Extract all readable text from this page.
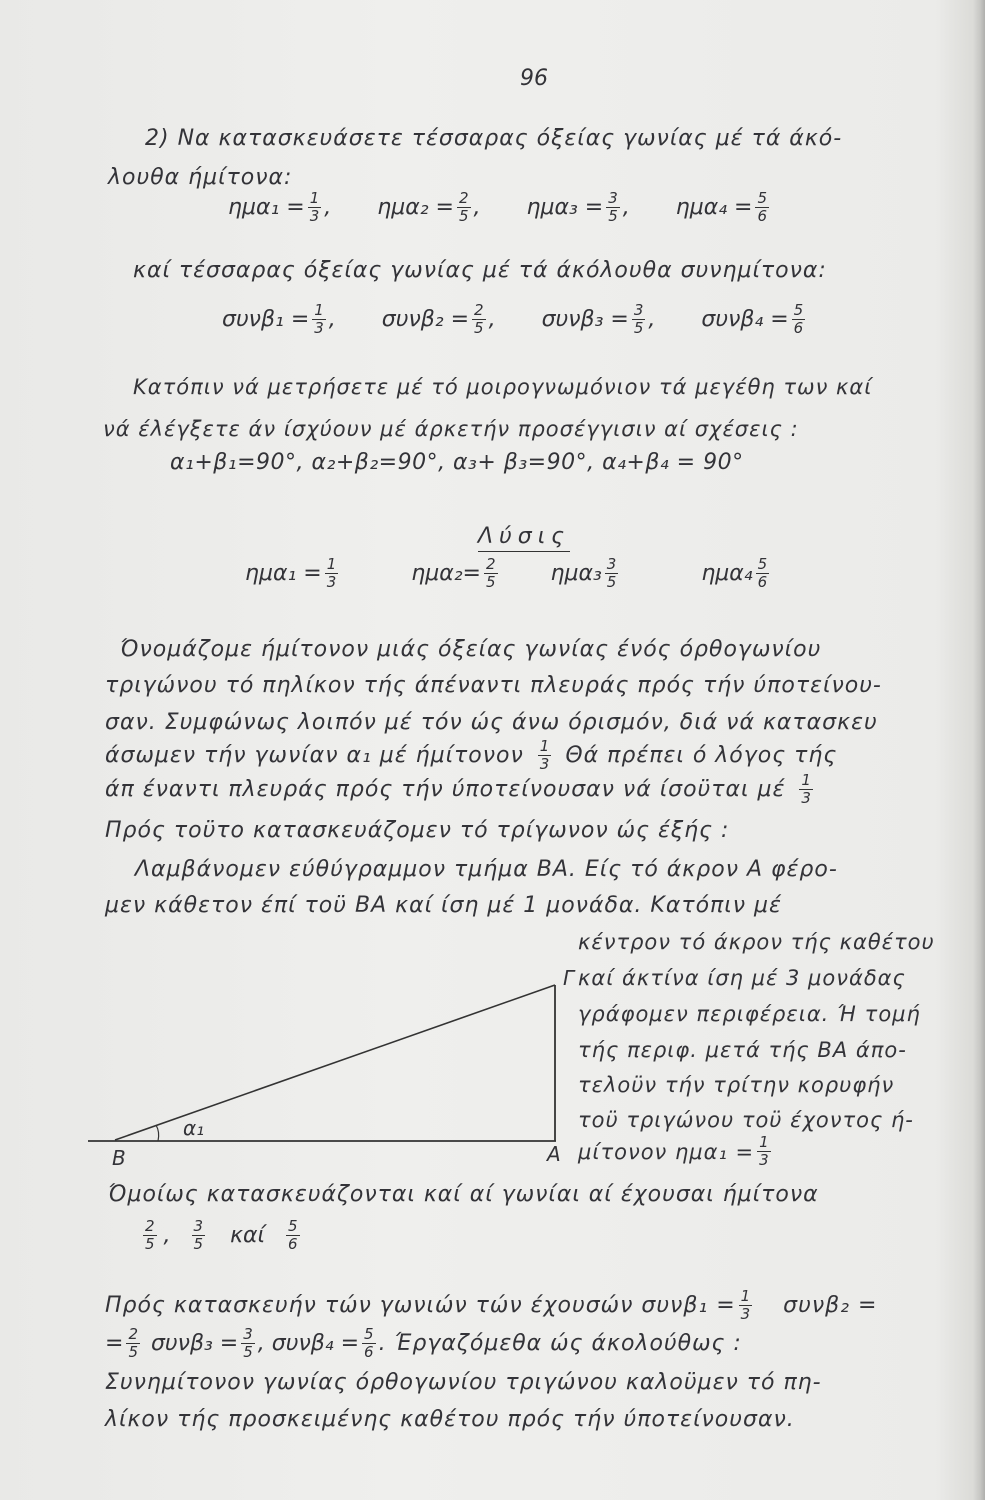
96
2) Να κατασκευάσετε τέσσαρας όξείας γωνίας μέ τά άκό-
λουθα ήμίτονα:
$\eta\mu\alpha_1 = \frac{1}{3}$ , $\eta\mu\alpha_2 = \frac{2}{5}$ , $\eta\mu\alpha_3 = \frac{3}{5}$ , $\eta\mu\alpha_4 = \frac{5}{6}$
καί τέσσαρας όξείας γωνίας μέ τά άκόλουθα συνημίτονα:
$\sigma\upsilon\nu\beta_1 = \frac{1}{3}$ , $\sigma\upsilon\nu\beta_2 = \frac{2}{5}$ , $\sigma\upsilon\nu\beta_3 = \frac{3}{5}$ , $\sigma\upsilon\nu\beta_4 = \frac{5}{6}$
Κατόπιν νά μετρήσετε μέ τό μοιρογνωμόνιον τά μεγέθη των καί
νά έλέγξετε άν ίσχύουν μέ άρκετήν προσέγγισιν αί σχέσεις :
α₁+β₁=90°, α₂+β₂=90°, α₃+ β₃=90°, α₄+β₄ = 90°
Λύσις
$\eta\mu\alpha_1 = \frac{1}{3}$	$\eta\mu\alpha_2= \frac{2}{5} \eta\mu\alpha_3 \frac{3}{5}$	$\eta\mu\alpha_4 \frac{5}{6}$
Όνομάζομε ήμίτονον μιάς όξείας γωνίας ένός όρθογωνίου
τριγώνου τό πηλίκον τής άπέναντι πλευράς πρός τήν ύποτείνου-
σαν. Συμφώνως λοιπόν μέ τόν ώς άνω όρισμόν, διά νά κατασκευ
άσωμεν τήν γωνίαν α₁ μέ ήμίτονον $\frac{1}{3}$ Θά πρέπει ό λόγος τής
άπ έναντι πλευράς πρός τήν ύποτείνουσαν νά ίσοϋται μέ $\frac{1}{3}$
Πρός τοϋτο κατασκευάζομεν τό τρίγωνον ώς έξής :
Λαμβάνομεν εύθύγραμμον τμήμα ΒΑ. Είς τό άκρον Α φέρο-
μεν κάθετον έπί τοϋ ΒΑ καί ίση μέ 1 μονάδα. Κατόπιν μέ
κέντρον τό άκρον τής καθέτου
καί άκτίνα ίση μέ 3 μονάδας
γράφομεν περιφέρεια. Ή τομή
τής περιφ. μετά τής ΒΑ άπο-
τελοϋν τήν τρίτην κορυφήν
τοϋ τριγώνου τοϋ έχοντος ή-
μίτονον $\eta\mu\alpha_1 = \frac{1}{3}$
Γ
Β	Α
α₁
Όμοίως κατασκευάζονται καί αί γωνίαι αί έχουσαι ήμίτονα
$\frac{2}{5}$ , $\frac{3}{5}$ καί $\frac{5}{6}$
Πρός κατασκευήν τών γωνιών τών έχουσών $\sigma\upsilon\nu\beta_1 = \frac{1}{3} \sigma\upsilon\nu\beta_2$ =
= $\frac{2}{5} \sigma\upsilon\nu\beta_3 = \frac{3}{5}$ , $\sigma\upsilon\nu\beta_4 = \frac{5}{6}$ . Έργαζόμεθα ώς άκολούθως :
Συνημίτονον γωνίας όρθογωνίου τριγώνου καλοϋμεν τό πη-
λίκον τής προσκειμένης καθέτου πρός τήν ύποτείνουσαν.
